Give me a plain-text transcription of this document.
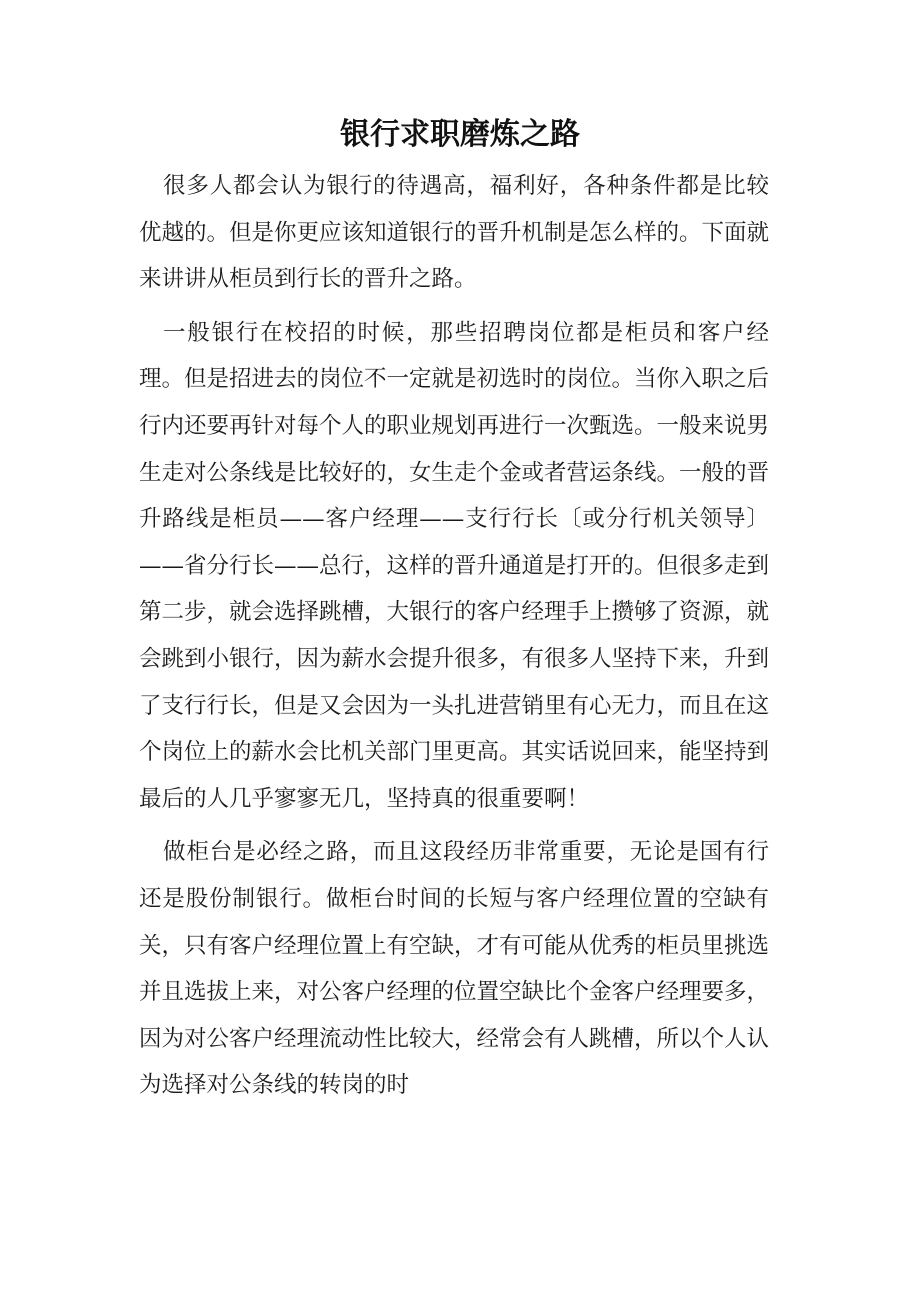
银行求职磨炼之路

很多人都会认为银行的待遇高，福利好，各种条件都是比较优越的。但是你更应该知道银行的晋升机制是怎么样的。下面就来讲讲从柜员到行长的晋升之路。

一般银行在校招的时候，那些招聘岗位都是柜员和客户经理。但是招进去的岗位不一定就是初选时的岗位。当你入职之后行内还要再针对每个人的职业规划再进行一次甄选。一般来说男生走对公条线是比较好的，女生走个金或者营运条线。一般的晋升路线是柜员——客户经理——支行行长〔或分行机关领导〕——省分行长——总行，这样的晋升通道是打开的。但很多走到第二步，就会选择跳槽，大银行的客户经理手上攒够了资源，就会跳到小银行，因为薪水会提升很多，有很多人坚持下来，升到了支行行长，但是又会因为一头扎进营销里有心无力，而且在这个岗位上的薪水会比机关部门里更高。其实话说回来，能坚持到最后的人几乎寥寥无几，坚持真的很重要啊！

做柜台是必经之路，而且这段经历非常重要，无论是国有行还是股份制银行。做柜台时间的长短与客户经理位置的空缺有关，只有客户经理位置上有空缺，才有可能从优秀的柜员里挑选并且选拔上来，对公客户经理的位置空缺比个金客户经理要多，因为对公客户经理流动性比较大，经常会有人跳槽，所以个人认为选择对公条线的转岗的时
